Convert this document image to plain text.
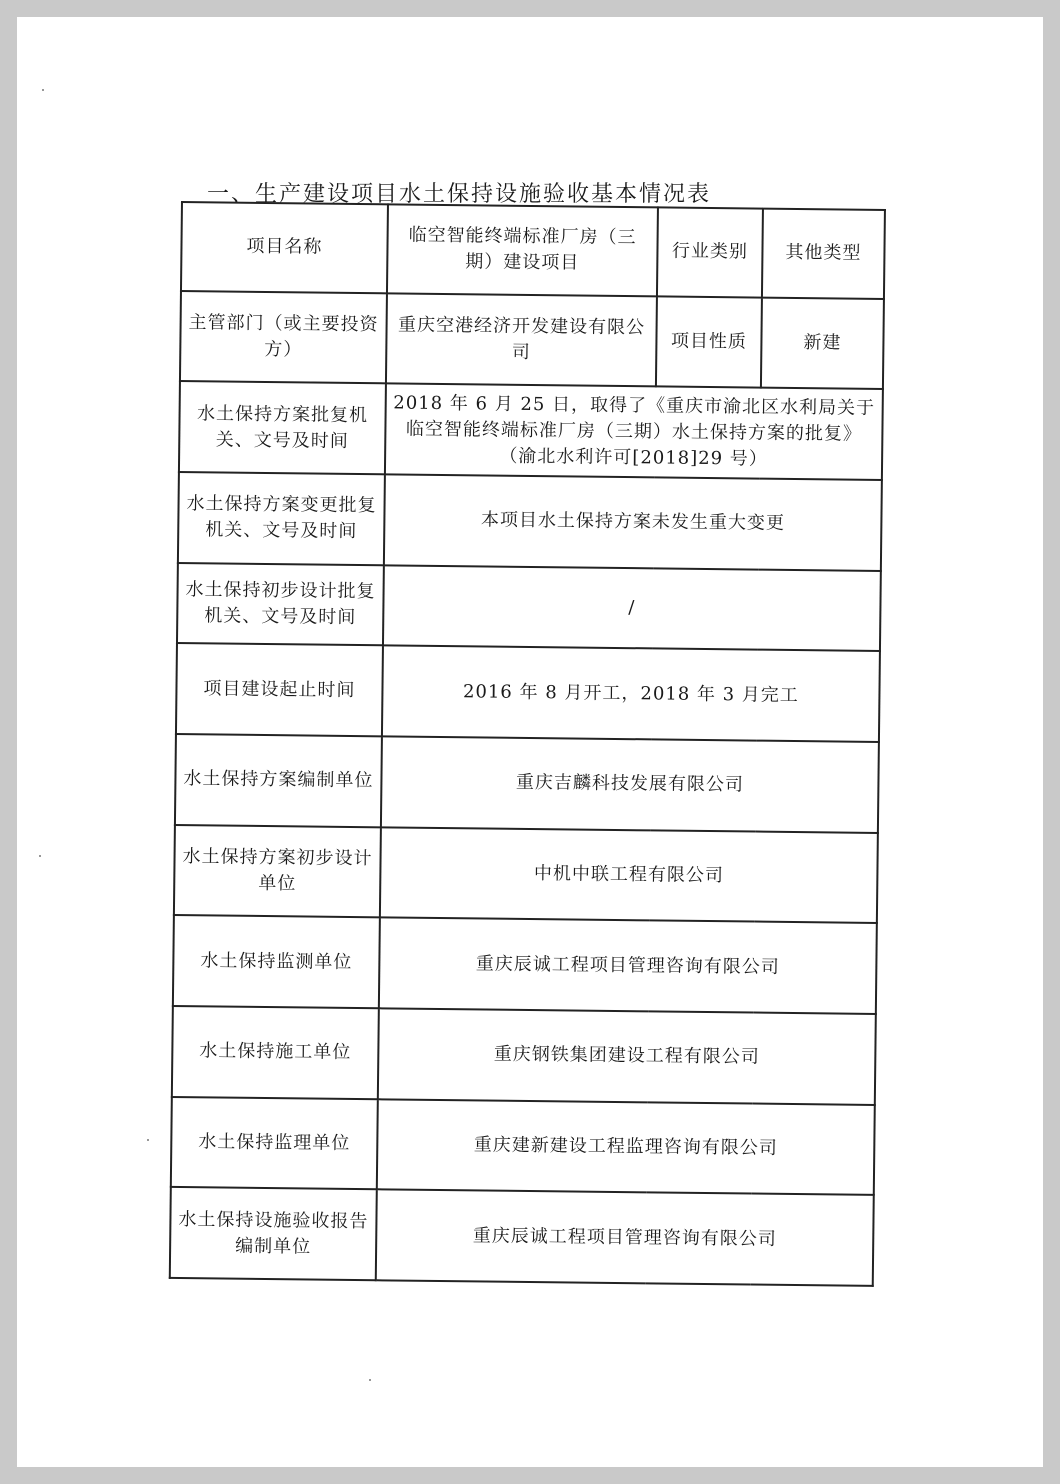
一、生产建设项目水土保持设施验收基本情况表
项目名称	临空智能终端标准厂房（三期）建设项目	行业类别	其他类型
主管部门（或主要投资方）	重庆空港经济开发建设有限公司	项目性质	新建
水土保持方案批复机关、文号及时间	2018 年 6 月 25 日，取得了《重庆市渝北区水利局关于临空智能终端标准厂房（三期）水土保持方案的批复》（渝北水利许可[2018]29 号）		
水土保持方案变更批复机关、文号及时间	本项目水土保持方案未发生重大变更		
水土保持初步设计批复机关、文号及时间	/		
项目建设起止时间	2016 年 8 月开工，2018 年 3 月完工		
水土保持方案编制单位	重庆吉麟科技发展有限公司		
水土保持方案初步设计单位	中机中联工程有限公司		
水土保持监测单位	重庆辰诚工程项目管理咨询有限公司		
水土保持施工单位	重庆钢铁集团建设工程有限公司		
水土保持监理单位	重庆建新建设工程监理咨询有限公司		
水土保持设施验收报告编制单位	重庆辰诚工程项目管理咨询有限公司		
